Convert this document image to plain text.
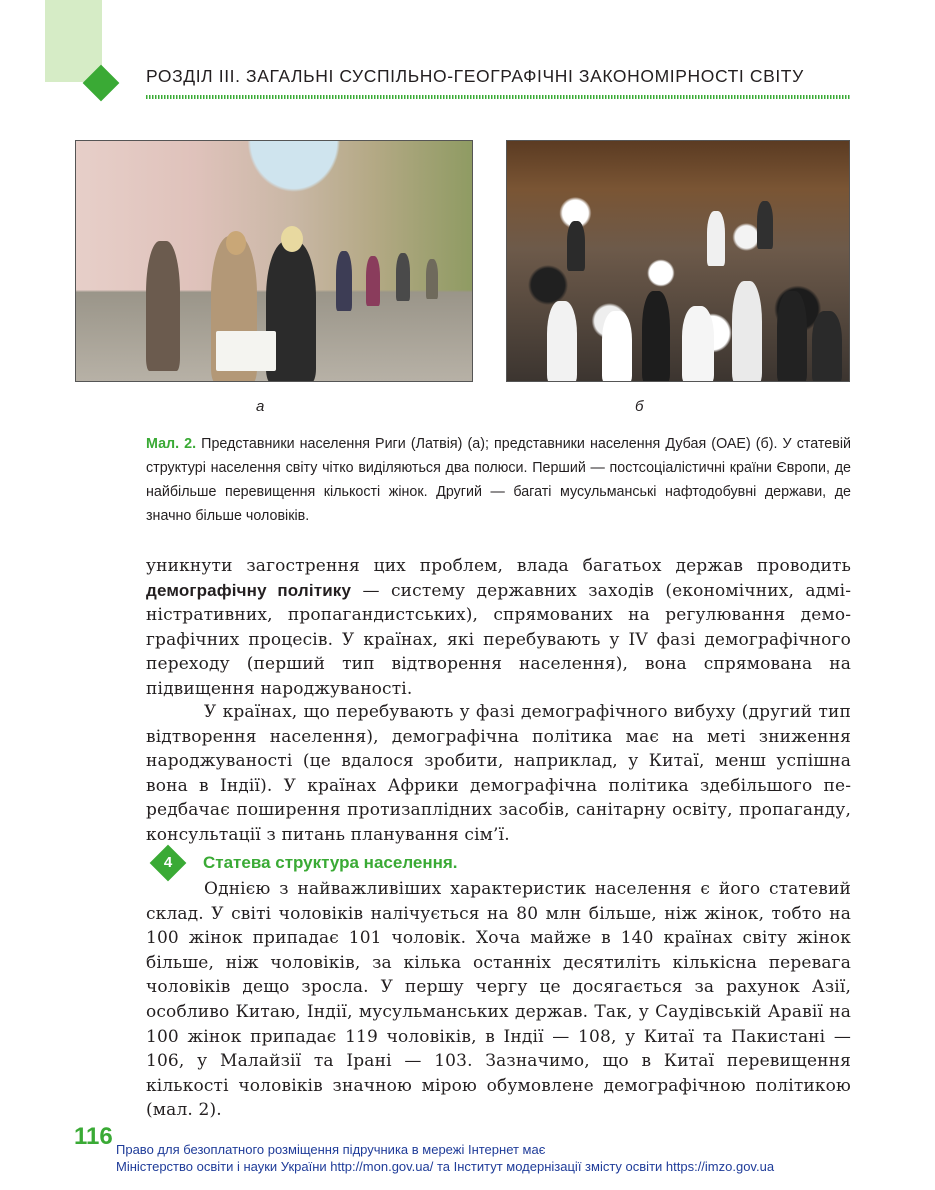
РОЗДІЛ ІІІ. ЗАГАЛЬНІ СУСПІЛЬНО-ГЕОГРАФІЧНІ ЗАКОНОМІРНОСТІ СВІТУ
а	б
Мал. 2. Представники населення Риги (Латвія) (а); представники населення Дубая (ОАЕ) (б). У статевій структурі населення світу чітко виділяються два полюси. Перший — постсоціалістичні країни Європи, де найбільше перевищення кількості жінок. Другий — багаті мусульманські нафтодобувні держави, де значно більше чоловіків.
уникнути загострення цих проблем, влада багатьох держав проводить демографічну політику — систему державних заходів (економічних, адміністративних, пропагандистських), спрямованих на регулювання демографічних процесів. У країнах, які перебувають у IV фазі демографічного переходу (перший тип відтворення населення), вона спрямована на підвищення народжуваності.
У країнах, що перебувають у фазі демографічного вибуху (другий тип відтворення населення), демографічна політика має на меті зниження народжуваності (це вдалося зробити, наприклад, у Китаї, менш успішна вона в Індії). У країнах Африки демографічна політика здебільшого передбачає поширення протизаплідних засобів, санітарну освіту, пропаганду, консультації з питань планування сім’ї.
4	Статева структура населення.
Однією з найважливіших характеристик населення є його статевий склад. У світі чоловіків налічується на 80 млн більше, ніж жінок, тобто на 100 жінок припадає 101 чоловік. Хоча майже в 140 країнах світу жінок більше, ніж чоловіків, за кілька останніх десятиліть кількісна перевага чоловіків дещо зросла. У першу чергу це досягається за рахунок Азії, особливо Китаю, Індії, мусульманських держав. Так, у Саудівській Аравії на 100 жінок припадає 119 чоловіків, в Індії — 108, у Китаї та Пакистані — 106, у Малайзії та Ірані — 103. Зазначимо, що в Китаї перевищення кількості чоловіків значною мірою обумовлене демографічною політикою (мал. 2).
116 Право для безоплатного розміщення підручника в мережі Інтернет має
Міністерство освіти і науки України http://mon.gov.ua/ та Інститут модернізації змісту освіти https://imzo.gov.ua
